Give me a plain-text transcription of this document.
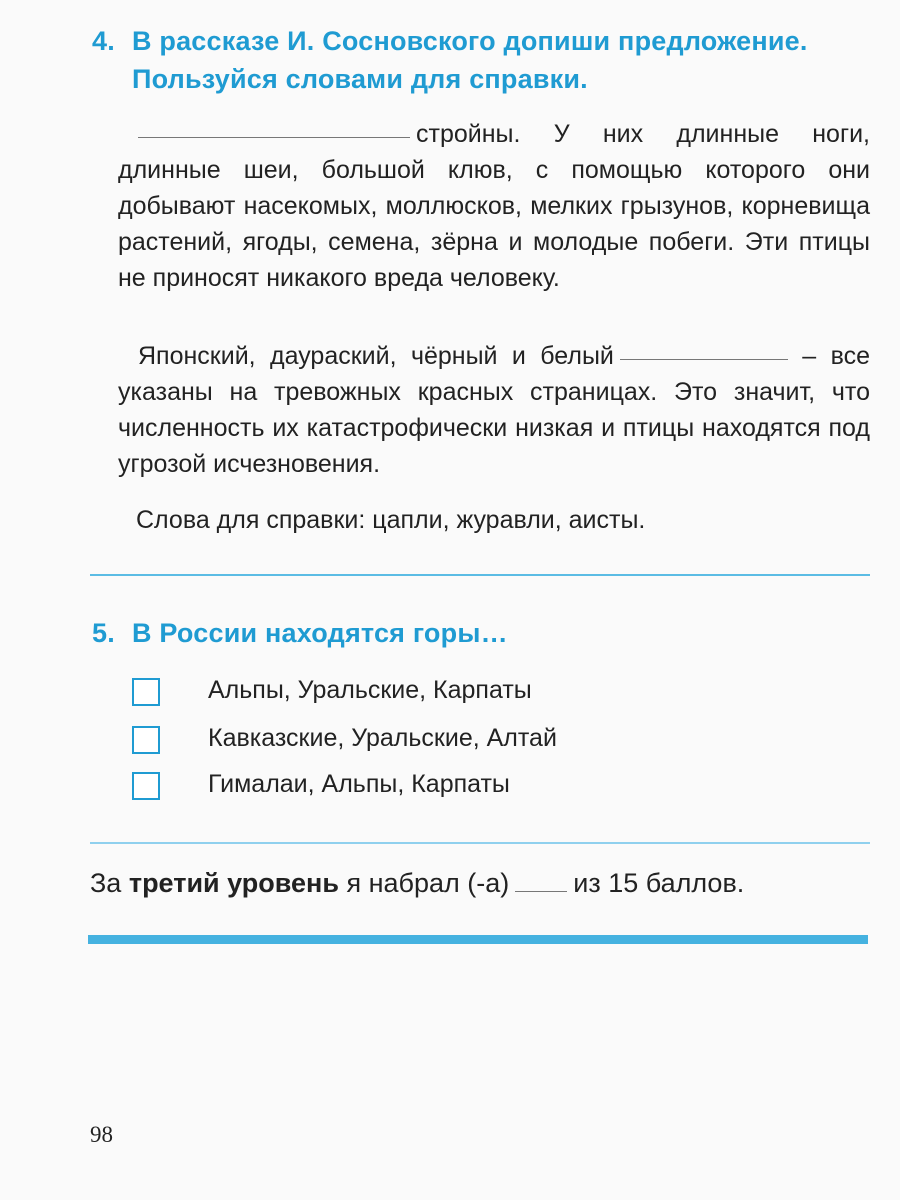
4. В рассказе И. Сосновского допиши предложение.
Пользуйся словами для справки.
стройны. У них длинные ноги, длинные шеи, большой клюв, с помощью которого они добывают насекомых, моллюсков, мелких грызунов, корневища растений, ягоды, семена, зёрна и молодые побеги. Эти птицы не приносят никакого вреда человеку.
Японский, даураский, чёрный и белый	– все указаны на тревожных красных страницах. Это значит, что численность их катастрофически низкая и птицы находятся под угрозой исчезновения.
Слова для справки: цапли, журавли, аисты.
5. В России находятся горы…
Альпы, Уральские, Карпаты
Кавказские, Уральские, Алтай
Гималаи, Альпы, Карпаты
За третий уровень я набрал (-а) из 15 баллов.
98
